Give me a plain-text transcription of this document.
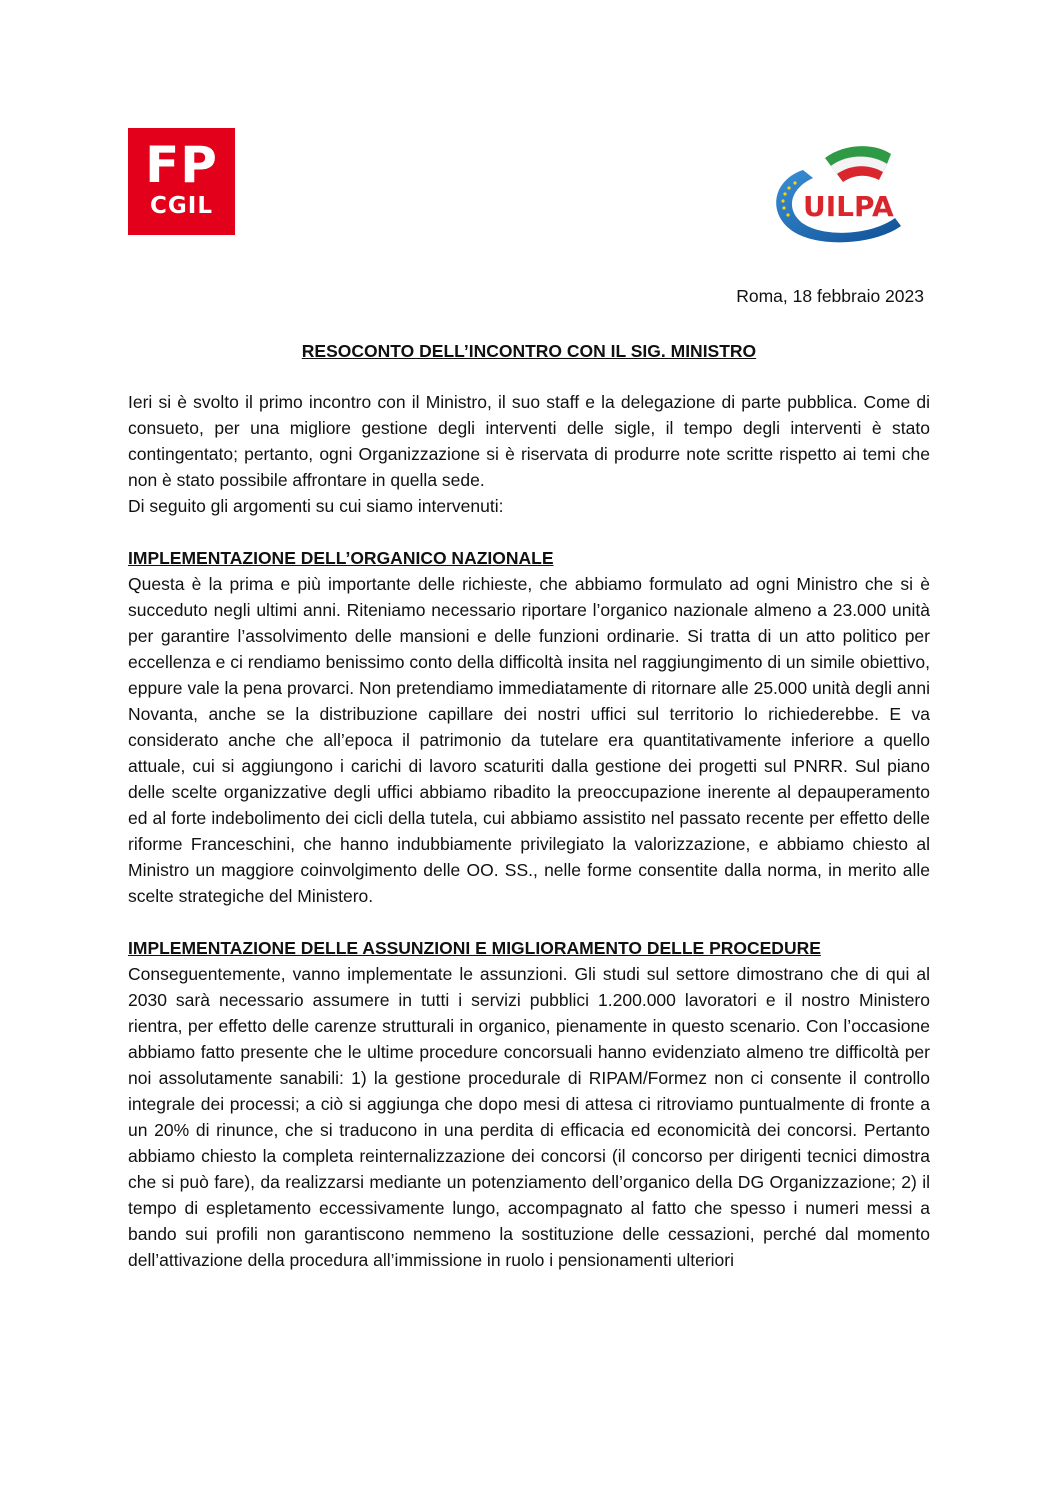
FP
CGIL	UILPA
Roma, 18 febbraio 2023
RESOCONTO DELL’INCONTRO CON IL SIG. MINISTRO

Ieri si è svolto il primo incontro con il Ministro, il suo staff e la delegazione di parte pubblica. Come di consueto, per una migliore gestione degli interventi delle sigle, il tempo degli interventi è stato contingentato; pertanto, ogni Organizzazione si è riservata di produrre note scritte rispetto ai temi che non è stato possibile affrontare in quella sede.

Di seguito gli argomenti su cui siamo intervenuti:

IMPLEMENTAZIONE DELL’ORGANICO NAZIONALE

Questa è la prima e più importante delle richieste, che abbiamo formulato ad ogni Ministro che si è succeduto negli ultimi anni. Riteniamo necessario riportare l’organico nazionale almeno a 23.000 unità per garantire l’assolvimento delle mansioni e delle funzioni ordinarie. Si tratta di un atto politico per eccellenza e ci rendiamo benissimo conto della difficoltà insita nel raggiungimento di un simile obiettivo, eppure vale la pena provarci. Non pretendiamo immediatamente di ritornare alle 25.000 unità degli anni Novanta, anche se la distribuzione capillare dei nostri uffici sul territorio lo richiederebbe. E va considerato anche che all’epoca il patrimonio da tutelare era quantitativamente inferiore a quello attuale, cui si aggiungono i carichi di lavoro scaturiti dalla gestione dei progetti sul PNRR. Sul piano delle scelte organizzative degli uffici abbiamo ribadito la preoccupazione inerente al depauperamento ed al forte indebolimento dei cicli della tutela, cui abbiamo assistito nel passato recente per effetto delle riforme Franceschini, che hanno indubbiamente privilegiato la valorizzazione, e abbiamo chiesto al Ministro un maggiore coinvolgimento delle OO. SS., nelle forme consentite dalla norma, in merito alle scelte strategiche del Ministero.

IMPLEMENTAZIONE DELLE ASSUNZIONI E MIGLIORAMENTO DELLE PROCEDURE

Conseguentemente, vanno implementate le assunzioni. Gli studi sul settore dimostrano che di qui al 2030 sarà necessario assumere in tutti i servizi pubblici 1.200.000 lavoratori e il nostro Ministero rientra, per effetto delle carenze strutturali in organico, pienamente in questo scenario. Con l’occasione abbiamo fatto presente che le ultime procedure concorsuali hanno evidenziato almeno tre difficoltà per noi assolutamente sanabili: 1) la gestione procedurale di RIPAM/Formez non ci consente il controllo integrale dei processi; a ciò si aggiunga che dopo mesi di attesa ci ritroviamo puntualmente di fronte a un 20% di rinunce, che si traducono in una perdita di efficacia ed economicità dei concorsi. Pertanto abbiamo chiesto la completa reinternalizzazione dei concorsi (il concorso per dirigenti tecnici dimostra che si può fare), da realizzarsi mediante un potenziamento dell’organico della DG Organizzazione; 2) il tempo di espletamento eccessivamente lungo, accompagnato al fatto che spesso i numeri messi a bando sui profili non garantiscono nemmeno la sostituzione delle cessazioni, perché dal momento dell’attivazione della procedura all’immissione in ruolo i pensionamenti ulteriori
